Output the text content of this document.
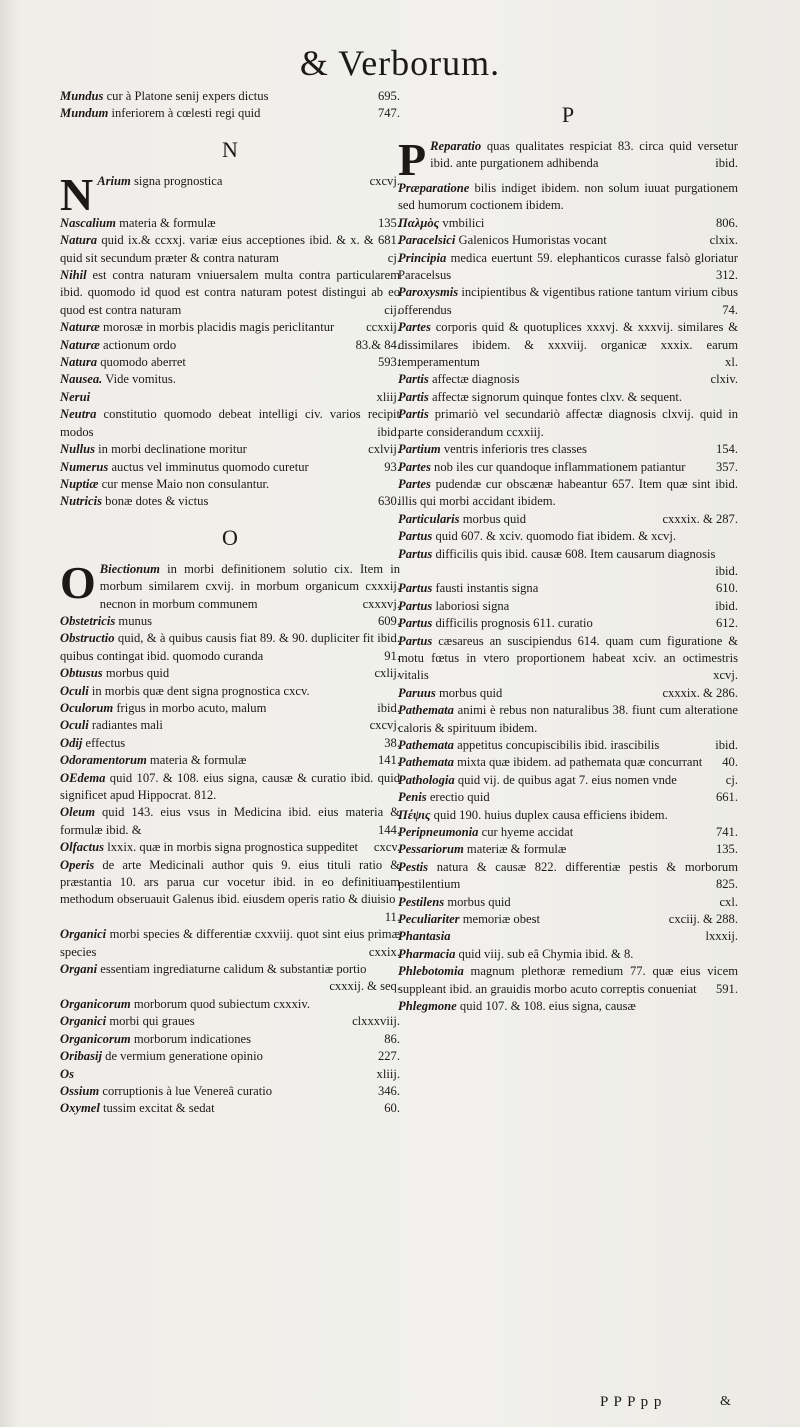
& Verborum.
Mundus cur à Platone senij expers dictus	695.
Mundum inferiorem à cœlesti regi quid	747.
N
N Arium signa prognostica	cxcvj.
Nascalium materia & formulæ	135.
Natura quid ix.& ccxxj. variæ eius acceptiones ibid. & x. & 681. quid sit secundum præter & contra naturam	cj.
Nihil est contra naturam vniuersalem multa contra particularem ibid. quomodo id quod est contra naturam potest distingui ab eo quod est contra naturam	cij.
Naturæ morosæ in morbis placidis magis periclitantur	ccxxij.
Naturæ actionum ordo	83.& 84.
Natura quomodo aberret	593.
Nausea. Vide vomitus.
Nerui	xliij.
Neutra constitutio quomodo debeat intelligi civ. varios recipit modos	ibid.
Nullus in morbi declinatione moritur	cxlvij.
Numerus auctus vel imminutus quomodo curetur	93.
Nuptiæ cur mense Maio non consulantur.
Nutricis bonæ dotes & victus	630.
O
O Biectionum in morbi definitionem solutio cix. Item in morbum similarem cxvij. in morbum organicum cxxxij. necnon in morbum communem	cxxxvj.
Obstetricis munus	609.
Obstructio quid, & à quibus causis fiat 89. & 90. dupliciter fit ibid. quibus contingat ibid. quomodo curanda	91.
Obtusus morbus quid	cxlij.
Oculi in morbis quæ dent signa prognostica cxcv.
Oculorum frigus in morbo acuto, malum	ibid.
Oculi radiantes mali	cxcvj.
Odij effectus	38.
Odoramentorum materia & formulæ	141.
OEdema quid 107. & 108. eius signa, causæ & curatio ibid. quid significet apud Hippocrat. 812.
Oleum quid 143. eius vsus in Medicina ibid. eius materia & formulæ ibid. &	144.
Olfactus lxxix. quæ in morbis signa prognostica suppeditet	cxcv.
Operis de arte Medicinali author quis 9. eius tituli ratio & præstantia 10. ars parua cur vocetur ibid. in eo definitiuam methodum obseruauit Galenus ibid. eiusdem operis ratio & diuisio
11.
Organici morbi species & differentiæ cxxviij. quot sint eius primæ species	cxxix.
Organi essentiam ingrediaturne calidum & substantiæ portio
cxxxij. & seq.
Organicorum morborum quod subiectum cxxxiv.
Organici morbi qui graues	clxxxviij.
Organicorum morborum indicationes	86.
Oribasij de vermium generatione opinio	227.
Os	xliij.
Ossium corruptionis à lue Venereâ curatio	346.
Oxymel tussim excitat & sedat	60.
P
P Reparatio quas qualitates respiciat 83. circa quid versetur ibid. ante purgationem adhibenda	ibid.
Præparatione bilis indiget ibidem. non solum iuuat purgationem sed humorum coctionem ibidem.
Παλμὸς vmbilici	806.
Paracelsici Galenicos Humoristas vocant	clxix.
Principia medica euertunt 59. elephanticos curasse falsò gloriatur Paracelsus	312.
Paroxysmis incipientibus & vigentibus ratione tantum virium cibus offerendus	74.
Partes corporis quid & quotuplices xxxvj. & xxxvij. similares & dissimilares ibidem. & xxxviij. organicæ xxxix. earum temperamentum	xl.
Partis affectæ diagnosis	clxiv.
Partis affectæ signorum quinque fontes clxv. & sequent.
Partis primariò vel secundariò affectæ diagnosis clxvij. quid in parte considerandum ccxxiij.
Partium ventris inferioris tres classes	154.
Partes nob iles cur quandoque inflammationem patiantur	357.
Partes pudendæ cur obscænæ habeantur 657. Item quæ sint ibid. illis qui morbi accidant ibidem.
Particularis morbus quid	cxxxix. & 287.
Partus quid 607. & xciv. quomodo fiat ibidem. & xcvj.
Partus difficilis quis ibid. causæ 608. Item causarum diagnosis
ibid.
Partus fausti instantis signa	610.
Partus laboriosi signa	ibid.
Partus difficilis prognosis 611. curatio	612.
Partus cæsareus an suscipiendus 614. quam cum figuratione & motu fœtus in vtero proportionem habeat xciv. an octimestris vitalis	xcvj.
Paruus morbus quid	cxxxix. & 286.
Pathemata animi è rebus non naturalibus 38. fiunt cum alteratione caloris & spirituum ibidem.
Pathemata appetitus concupiscibilis ibid. irascibilis	ibid.
Pathemata mixta quæ ibidem. ad pathemata quæ concurrant	40.
Pathologia quid vij. de quibus agat 7. eius nomen vnde	cj.
Penis erectio quid	661.
Πέψις quid 190. huius duplex causa efficiens ibidem.
Peripneumonia cur hyeme accidat	741.
Pessariorum materiæ & formulæ	135.
Pestis natura & causæ 822. differentiæ pestis & morborum pestilentium	825.
Pestilens morbus quid	cxl.
Peculiariter memoriæ obest	cxciij. & 288.
Phantasia	lxxxij.
Pharmacia quid viij. sub eâ Chymia ibid. & 8.
Phlebotomia magnum plethoræ remedium 77. quæ eius vicem suppleant ibid. an grauidis morbo acuto correptis conueniat	591.
Phlegmone quid 107. & 108. eius signa, causæ
P P P p p	&
